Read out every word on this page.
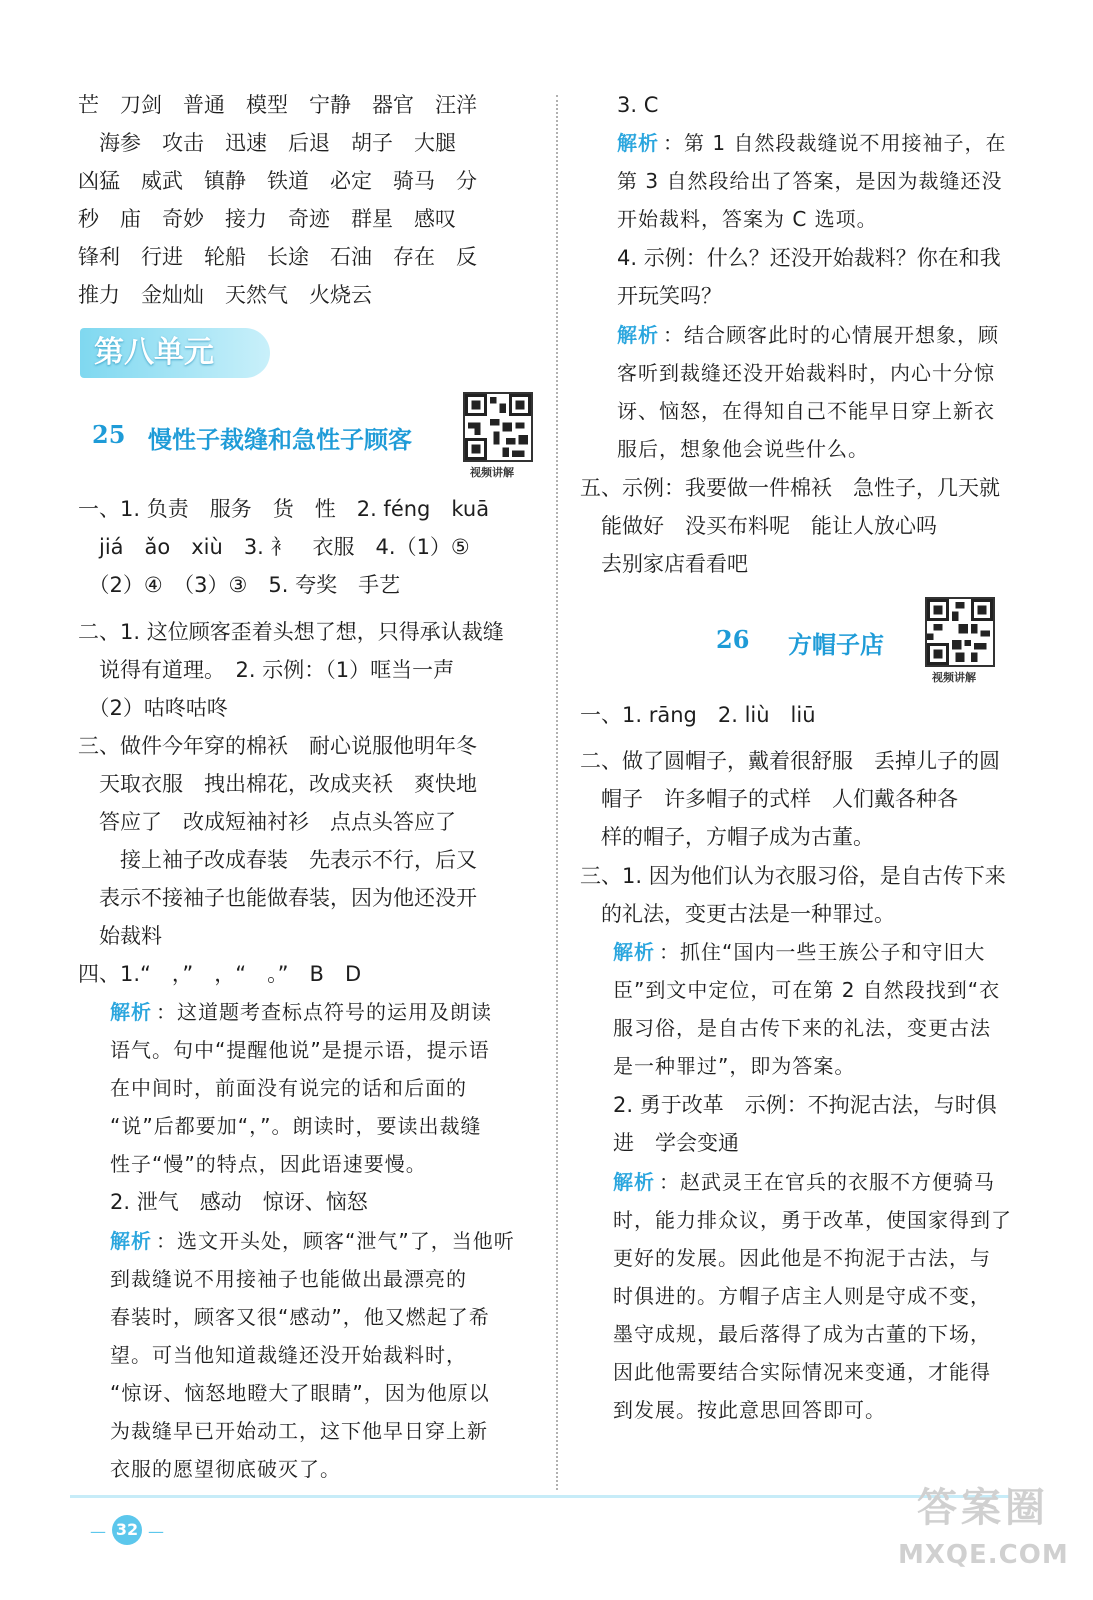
芒　刀剑　普通　模型　宁静　器官　汪洋
　海参　攻击　迅速　后退　胡子　大腿
凶猛　威武　镇静　铁道　必定　骑马　分
秒　庙　奇妙　接力　奇迹　群星　感叹
锋利　行进　轮船　长途　石油　存在　反
推力　金灿灿　天然气　火烧云
一、1. 负责　服务　货　性　2. féng　kuā
　jiá　ǎo　xiù　3. 衤　衣服　4.（1）⑤
　（2）④　（3）③　5. 夸奖　手艺
二、1. 这位顾客歪着头想了想，只得承认裁缝
　说得有道理。　2. 示例：（1）哐当一声
　（2）咕咚咕咚
三、做件今年穿的棉袄　耐心说服他明年冬
　天取衣服　拽出棉花，改成夹袄　爽快地
　答应了　改成短袖衬衫　点点头答应了
　　接上袖子改成春装　先表示不行，后又
　表示不接袖子也能做春装，因为他还没开
　始裁料
四、1.“　，”　，“　。”　B　D
解析 ：这道题考查标点符号的运用及朗读
语气。句中“提醒他说”是提示语，提示语
在中间时，前面没有说完的话和后面的
“说”后都要加“，”。朗读时，要读出裁缝
性子“慢”的特点，因此语速要慢。
2. 泄气　感动　惊讶、恼怒
解析 ：选文开头处，顾客“泄气”了，当他听
到裁缝说不用接袖子也能做出最漂亮的
春装时，顾客又很“感动”，他又燃起了希
望。可当他知道裁缝还没开始裁料时，
“惊讶、恼怒地瞪大了眼睛”，因为他原以
为裁缝早已开始动工，这下他早日穿上新
衣服的愿望彻底破灭了。
第八单元
25 慢性子裁缝和急性子顾客
视频讲解
3. C
解析 ：第 1 自然段裁缝说不用接袖子，在
第 3 自然段给出了答案，是因为裁缝还没
开始裁料，答案为 C 选项。
4. 示例：什么？还没开始裁料？你在和我
开玩笑吗？
解析 ：结合顾客此时的心情展开想象，顾
客听到裁缝还没开始裁料时，内心十分惊
讶、恼怒，在得知自己不能早日穿上新衣
服后，想象他会说些什么。
五、示例：我要做一件棉袄　急性子，几天就
　能做好　没买布料呢　能让人放心吗
　去别家店看看吧
一、1. rāng　2. liù　liū
二、做了圆帽子，戴着很舒服　丢掉儿子的圆
　帽子　许多帽子的式样　人们戴各种各
　样的帽子，方帽子成为古董。
三、1. 因为他们认为衣服习俗，是自古传下来
　的礼法，变更古法是一种罪过。
解析 ：抓住“国内一些王族公子和守旧大
臣”到文中定位，可在第 2 自然段找到“衣
服习俗，是自古传下来的礼法，变更古法
是一种罪过”，即为答案。
2. 勇于改革　示例：不拘泥古法，与时俱
进　学会变通
解析 ：赵武灵王在官兵的衣服不方便骑马
时，能力排众议，勇于改革，使国家得到了
更好的发展。因此他是不拘泥于古法，与
时俱进的。方帽子店主人则是守成不变，
墨守成规，最后落得了成为古董的下场，
因此他需要结合实际情况来变通，才能得
到发展。按此意思回答即可。
26 方帽子店
视频讲解
— 32 —
答案圈
MXQE.COM
